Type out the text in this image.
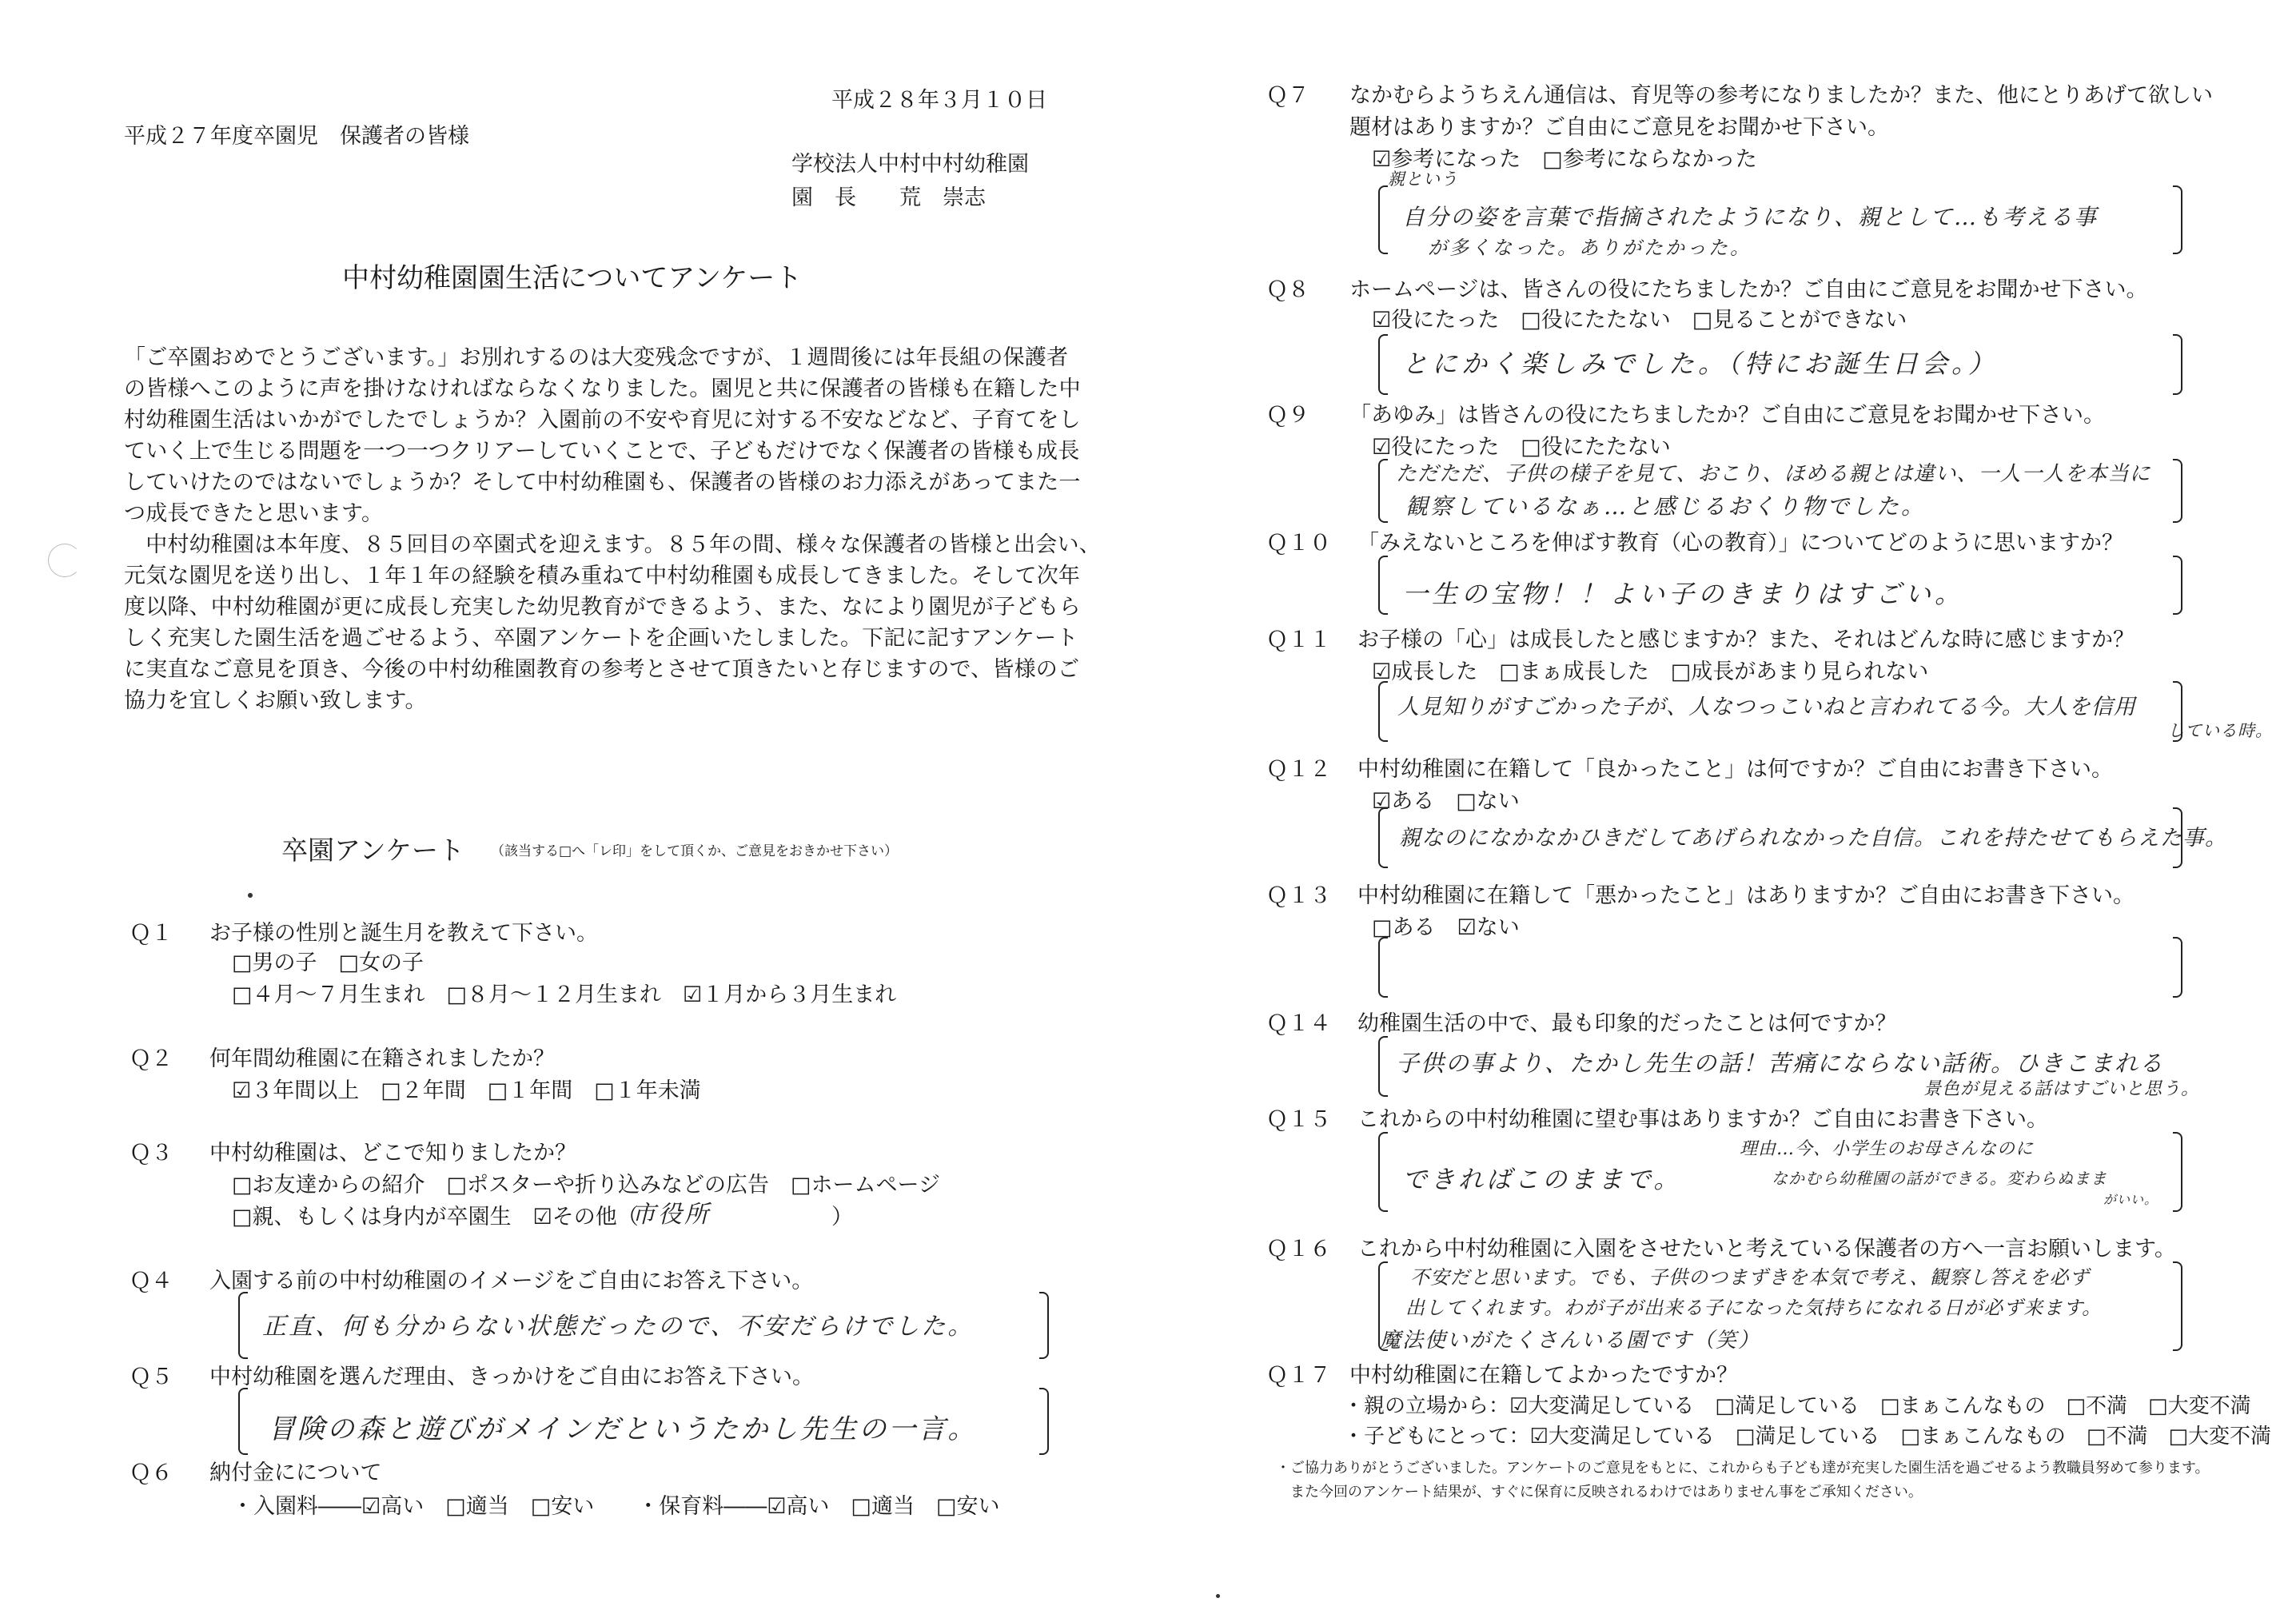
平成２８年３月１０日
平成２７年度卒園児　保護者の皆様
学校法人中村中村幼稚園
園　長　　荒　崇志
中村幼稚園園生活についてアンケート
「ご卒園おめでとうございます。」お別れするのは大変残念ですが、１週間後には年長組の保護者
の皆様へこのように声を掛けなければならなくなりました。園児と共に保護者の皆様も在籍した中
村幼稚園生活はいかがでしたでしょうか？入園前の不安や育児に対する不安などなど、子育てをし
ていく上で生じる問題を一つ一つクリアーしていくことで、子どもだけでなく保護者の皆様も成長
していけたのではないでしょうか？そして中村幼稚園も、保護者の皆様のお力添えがあってまた一
つ成長できたと思います。
　中村幼稚園は本年度、８５回目の卒園式を迎えます。８５年の間、様々な保護者の皆様と出会い、
元気な園児を送り出し、１年１年の経験を積み重ねて中村幼稚園も成長してきました。そして次年
度以降、中村幼稚園が更に成長し充実した幼児教育ができるよう、また、なにより園児が子どもら
しく充実した園生活を過ごせるよう、卒園アンケートを企画いたしました。下記に記すアンケート
に実直なご意見を頂き、今後の中村幼稚園教育の参考とさせて頂きたいと存じますので、皆様のご
協力を宜しくお願い致します。
卒園アンケート （該当する□へ「レ印」をして頂くか、ご意見をおきかせ下さい）
Ｑ１ お子様の性別と誕生月を教えて下さい。
□男の子　□女の子
□４月〜７月生まれ　□８月〜１２月生まれ　☑１月から３月生まれ
Ｑ２ 何年間幼稚園に在籍されましたか？
☑３年間以上　□２年間　□１年間　□１年未満
Ｑ３ 中村幼稚園は、どこで知りましたか？
□お友達からの紹介　□ポスターや折り込みなどの広告　□ホームページ
□親、もしくは身内が卒園生　☑その他（
市役所	）
Ｑ４ 入園する前の中村幼稚園のイメージをご自由にお答え下さい。
正直、何も分からない状態だったので、不安だらけでした。
Ｑ５ 中村幼稚園を選んだ理由、きっかけをご自由にお答え下さい。
冒険の森と遊びがメインだというたかし先生の一言。
Ｑ６ 納付金にについて
・入園料――☑高い　□適当　□安い　　・保育料――☑高い　□適当　□安い
Ｑ７ なかむらようちえん通信は、育児等の参考になりましたか？また、他にとりあげて欲しい
題材はありますか？ご自由にご意見をお聞かせ下さい。
☑参考になった　□参考にならなかった
親という
自分の姿を言葉で指摘されたようになり、親として…も考える事
が多くなった。ありがたかった。
Ｑ８ ホームページは、皆さんの役にたちましたか？ご自由にご意見をお聞かせ下さい。
☑役にたった　□役にたたない　□見ることができない
とにかく楽しみでした。（特にお誕生日会。）
Ｑ９ 「あゆみ」は皆さんの役にたちましたか？ご自由にご意見をお聞かせ下さい。
☑役にたった　□役にたたない
ただただ、子供の様子を見て、おこり、ほめる親とは違い、一人一人を本当に
観察しているなぁ…と感じるおくり物でした。
Ｑ１０ 「みえないところを伸ばす教育（心の教育）」についてどのように思いますか？
一生の宝物！！よい子のきまりはすごい。
Ｑ１１ お子様の「心」は成長したと感じますか？また、それはどんな時に感じますか？
☑成長した　□まぁ成長した　□成長があまり見られない
人見知りがすごかった子が、人なつっこいねと言われてる今。大人を信用
している時。
Ｑ１２ 中村幼稚園に在籍して「良かったこと」は何ですか？ご自由にお書き下さい。
☑ある　□ない
親なのになかなかひきだしてあげられなかった自信。これを持たせてもらえた事。
Ｑ１３ 中村幼稚園に在籍して「悪かったこと」はありますか？ご自由にお書き下さい。
□ある　☑ない
Ｑ１４ 幼稚園生活の中で、最も印象的だったことは何ですか？
子供の事より、たかし先生の話！苦痛にならない話術。ひきこまれる
景色が見える話はすごいと思う。
Ｑ１５ これからの中村幼稚園に望む事はありますか？ご自由にお書き下さい。
できればこのままで。
理由…今、小学生のお母さんなのに
なかむら幼稚園の話ができる。変わらぬまま
がいい。
Ｑ１６ これから中村幼稚園に入園をさせたいと考えている保護者の方へ一言お願いします。
不安だと思います。でも、子供のつまずきを本気で考え、観察し答えを必ず
出してくれます。わが子が出来る子になった気持ちになれる日が必ず来ます。
魔法使いがたくさんいる園です（笑）
Ｑ１７ 中村幼稚園に在籍してよかったですか？
・親の立場から：☑大変満足している　□満足している　□まぁこんなもの　□不満　□大変不満
・子どもにとって：☑大変満足している　□満足している　□まぁこんなもの　□不満　□大変不満
・ご協力ありがとうございました。アンケートのご意見をもとに、これからも子ども達が充実した園生活を過ごせるよう教職員努めて参ります。
また今回のアンケート結果が、すぐに保育に反映されるわけではありません事をご承知ください。
